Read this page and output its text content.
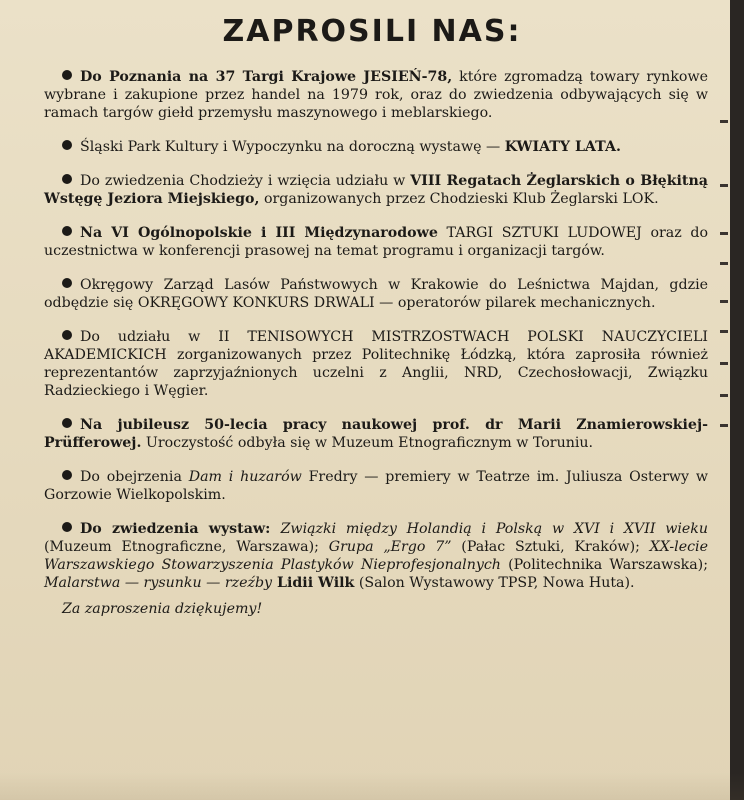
ZAPROSILI NAS:

Do Poznania na 37 Targi Krajowe JESIEŃ-78, które zgromadzą towary rynkowe wybrane i zakupione przez handel na 1979 rok, oraz do zwiedzenia odbywających się w ramach targów giełd przemysłu maszynowego i meblarskiego.

Śląski Park Kultury i Wypoczynku na doroczną wystawę — KWIATY LATA.

Do zwiedzenia Chodzieży i wzięcia udziału w VIII Regatach Żeglarskich o Błękitną Wstęgę Jeziora Miejskiego, organizowanych przez Chodzieski Klub Żeglarski LOK.

Na VI Ogólnopolskie i III Międzynarodowe TARGI SZTUKI LUDOWEJ oraz do uczestnictwa w konferencji prasowej na temat programu i organizacji targów.

Okręgowy Zarząd Lasów Państwowych w Krakowie do Leśnictwa Majdan, gdzie odbędzie się OKRĘGOWY KONKURS DRWALI — operatorów pilarek mechanicznych.

Do udziału w II TENISOWYCH MISTRZOSTWACH POLSKI NAUCZYCIELI AKADEMICKICH zorganizowanych przez Politechnikę Łódzką, która zaprosiła również reprezentantów zaprzyjaźnionych uczelni z Anglii, NRD, Czechosłowacji, Związku Radzieckiego i Węgier.

Na jubileusz 50-lecia pracy naukowej prof. dr Marii Znamierowskiej-Prüfferowej. Uroczystość odbyła się w Muzeum Etnograficznym w Toruniu.

Do obejrzenia Dam i huzarów Fredry — premiery w Teatrze im. Juliusza Osterwy w Gorzowie Wielkopolskim.

Do zwiedzenia wystaw: Związki między Holandią i Polską w XVI i XVII wieku (Muzeum Etnograficzne, Warszawa); Grupa „Ergo 7” (Pałac Sztuki, Kraków); XX-lecie Warszawskiego Stowarzyszenia Plastyków Nieprofesjonalnych (Politechnika Warszawska); Malarstwa — rysunku — rzeźby Lidii Wilk (Salon Wystawowy TPSP, Nowa Huta).

Za zaproszenia dziękujemy!
